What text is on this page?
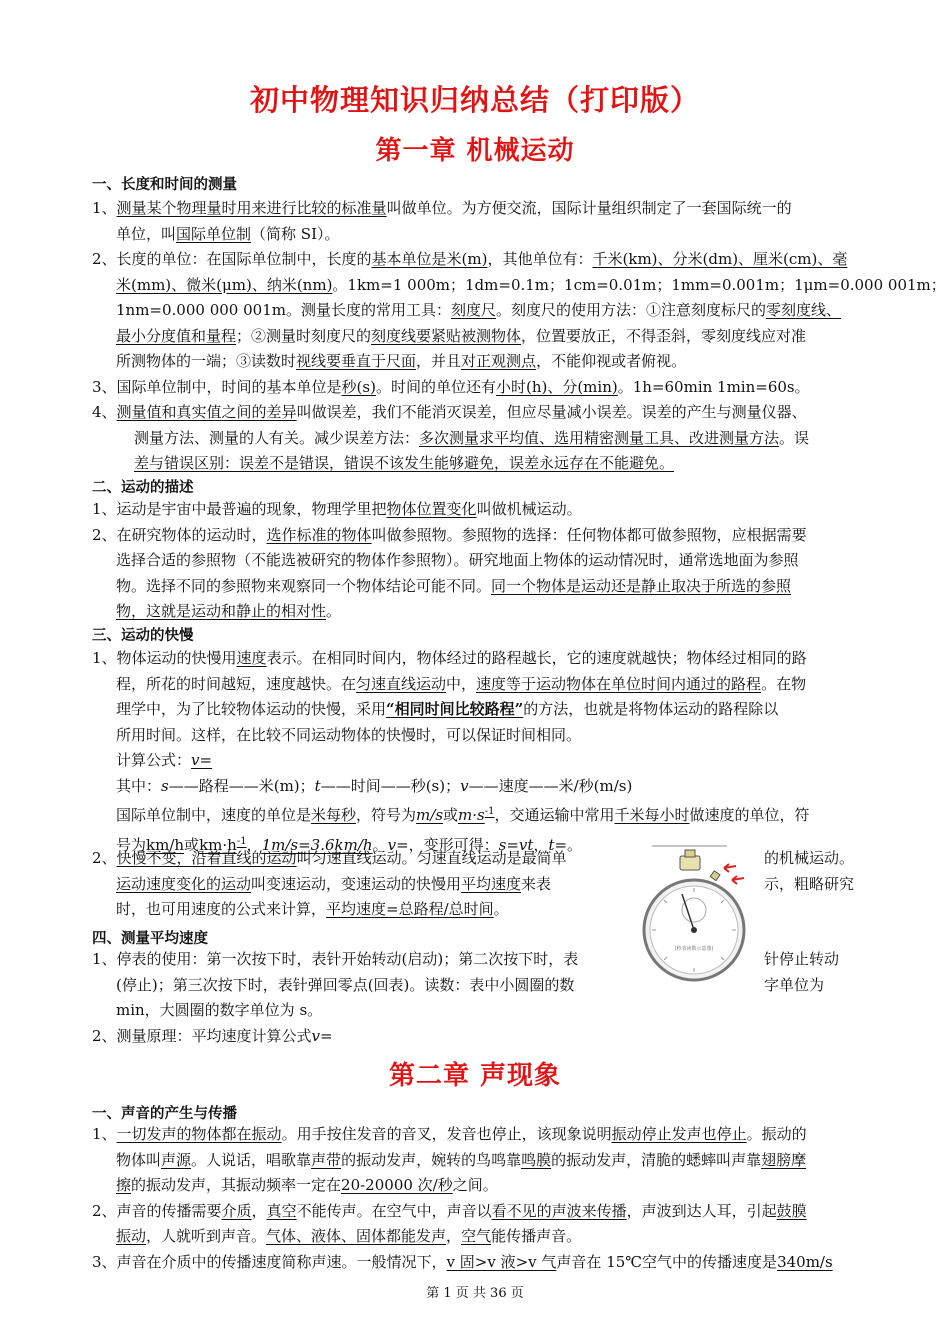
初中物理知识归纳总结（打印版）
第一章 机械运动
一、长度和时间的测量
1、测量某个物理量时用来进行比较的标准量叫做单位。为方便交流，国际计量组织制定了一套国际统一的
单位，叫国际单位制（简称 SI）。
2、长度的单位：在国际单位制中，长度的基本单位是米(m)，其他单位有：千米(km)、分米(dm)、厘米(cm)、毫
米(mm)、微米(μm)、纳米(nm)。1km=1 000m；1dm=0.1m；1cm=0.01m；1mm=0.001m；1μm=0.000 001m；
1nm=0.000 000 001m。测量长度的常用工具：刻度尺。刻度尺的使用方法：①注意刻度标尺的零刻度线、
最小分度值和量程；②测量时刻度尺的刻度线要紧贴被测物体，位置要放正，不得歪斜，零刻度线应对准
所测物体的一端；③读数时视线要垂直于尺面，并且对正观测点，不能仰视或者俯视。
3、国际单位制中，时间的基本单位是秒(s)。时间的单位还有小时(h)、分(min)。1h=60min 1min=60s。
4、测量值和真实值之间的差异叫做误差，我们不能消灭误差，但应尽量减小误差。误差的产生与测量仪器、
测量方法、测量的人有关。减少误差方法：多次测量求平均值、选用精密测量工具、改进测量方法。误
差与错误区别：误差不是错误，错误不该发生能够避免，误差永远存在不能避免。
二、运动的描述
1、运动是宇宙中最普遍的现象，物理学里把物体位置变化叫做机械运动。
2、在研究物体的运动时，选作标准的物体叫做参照物。参照物的选择：任何物体都可做参照物，应根据需要
选择合适的参照物（不能选被研究的物体作参照物）。研究地面上物体的运动情况时，通常选地面为参照
物。选择不同的参照物来观察同一个物体结论可能不同。同一个物体是运动还是静止取决于所选的参照
物，这就是运动和静止的相对性。
三、运动的快慢
1、物体运动的快慢用速度表示。在相同时间内，物体经过的路程越长，它的速度就越快；物体经过相同的路
程，所花的时间越短，速度越快。在匀速直线运动中，速度等于运动物体在单位时间内通过的路程。在物
理学中，为了比较物体运动的快慢，采用“相同时间比较路程”的方法，也就是将物体运动的路程除以
所用时间。这样，在比较不同运动物体的快慢时，可以保证时间相同。
计算公式：v=
其中：s——路程——米(m)；t——时间——秒(s)；v——速度——米/秒(m/s)
国际单位制中，速度的单位是米每秒，符号为m/s或$m\cdot s^{-1}$，交通运输中常用千米每小时做速度的单位，符
号为km/h或$km\cdot h^{-1}$，1m/s=3.6km/h。v=，变形可得：s=vt，t=。
2、快慢不变，沿着直线的运动叫匀速直线运动。匀速直线运动是最简单
运动速度变化的运动叫变速运动，变速运动的快慢用平均速度来表
时，也可用速度的公式来计算，平均速度=总路程/总时间。
的机械运动。
示，粗略研究
(秒表读数示意图)
四、测量平均速度
1、停表的使用：第一次按下时，表针开始转动(启动)；第二次按下时，表
(停止)；第三次按下时，表针弹回零点(回表)。读数：表中小圆圈的数
min，大圆圈的数字单位为 s。
2、测量原理：平均速度计算公式v=
针停止转动
字单位为
第二章 声现象
一、声音的产生与传播
1、一切发声的物体都在振动。用手按住发音的音叉，发音也停止，该现象说明振动停止发声也停止。振动的
物体叫声源。人说话，唱歌靠声带的振动发声，婉转的鸟鸣靠鸣膜的振动发声，清脆的蟋蟀叫声靠翅膀摩
擦的振动发声，其振动频率一定在20-20000 次/秒之间。
2、声音的传播需要介质，真空不能传声。在空气中，声音以看不见的声波来传播，声波到达人耳，引起鼓膜
振动，人就听到声音。气体、液体、固体都能发声，空气能传播声音。
3、声音在介质中的传播速度简称声速。一般情况下，v 固>v 液>v 气声音在 15℃空气中的传播速度是340m/s
第 1 页 共 36 页
